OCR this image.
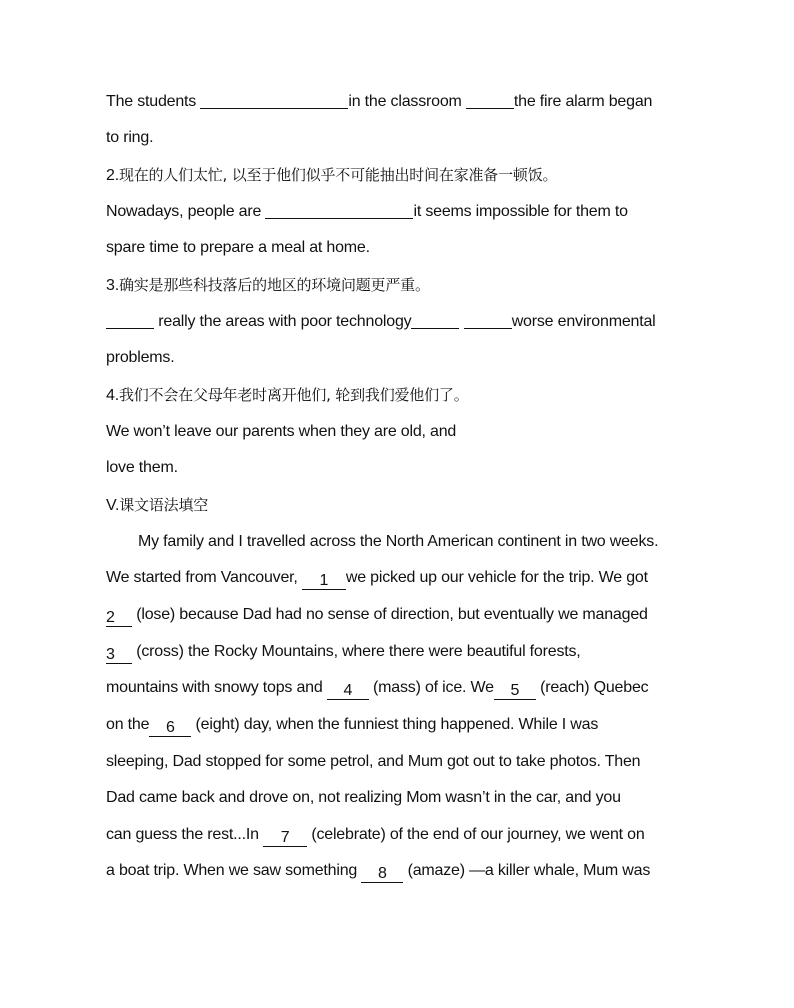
The students	in the classroom	the fire alarm began
to ring.
2.现在的人们太忙, 以至于他们似乎不可能抽出时间在家准备一顿饭。
Nowadays, people are	it seems impossible for them to
spare time to prepare a meal at home.
3.确实是那些科技落后的地区的环境问题更严重。
really the areas with poor technology	worse environmental
problems.
4.我们不会在父母年老时离开他们, 轮到我们爱他们了。
We won’t leave our parents when they are old, and
love them.
V.课文语法填空
My family and I travelled across the North American continent in two weeks.
We started from Vancouver, 1 we picked up our vehicle for the trip. We got
2 (lose) because Dad had no sense of direction, but eventually we managed
3 (cross) the Rocky Mountains, where there were beautiful forests,
mountains with snowy tops and 4 (mass) of ice. We 5 (reach) Quebec
on the 6 (eight) day, when the funniest thing happened. While I was
sleeping, Dad stopped for some petrol, and Mum got out to take photos. Then
Dad came back and drove on, not realizing Mom wasn’t in the car, and you
can guess the rest...In 7 (celebrate) of the end of our journey, we went on
a boat trip. When we saw something 8 (amaze) —a killer whale, Mum was
